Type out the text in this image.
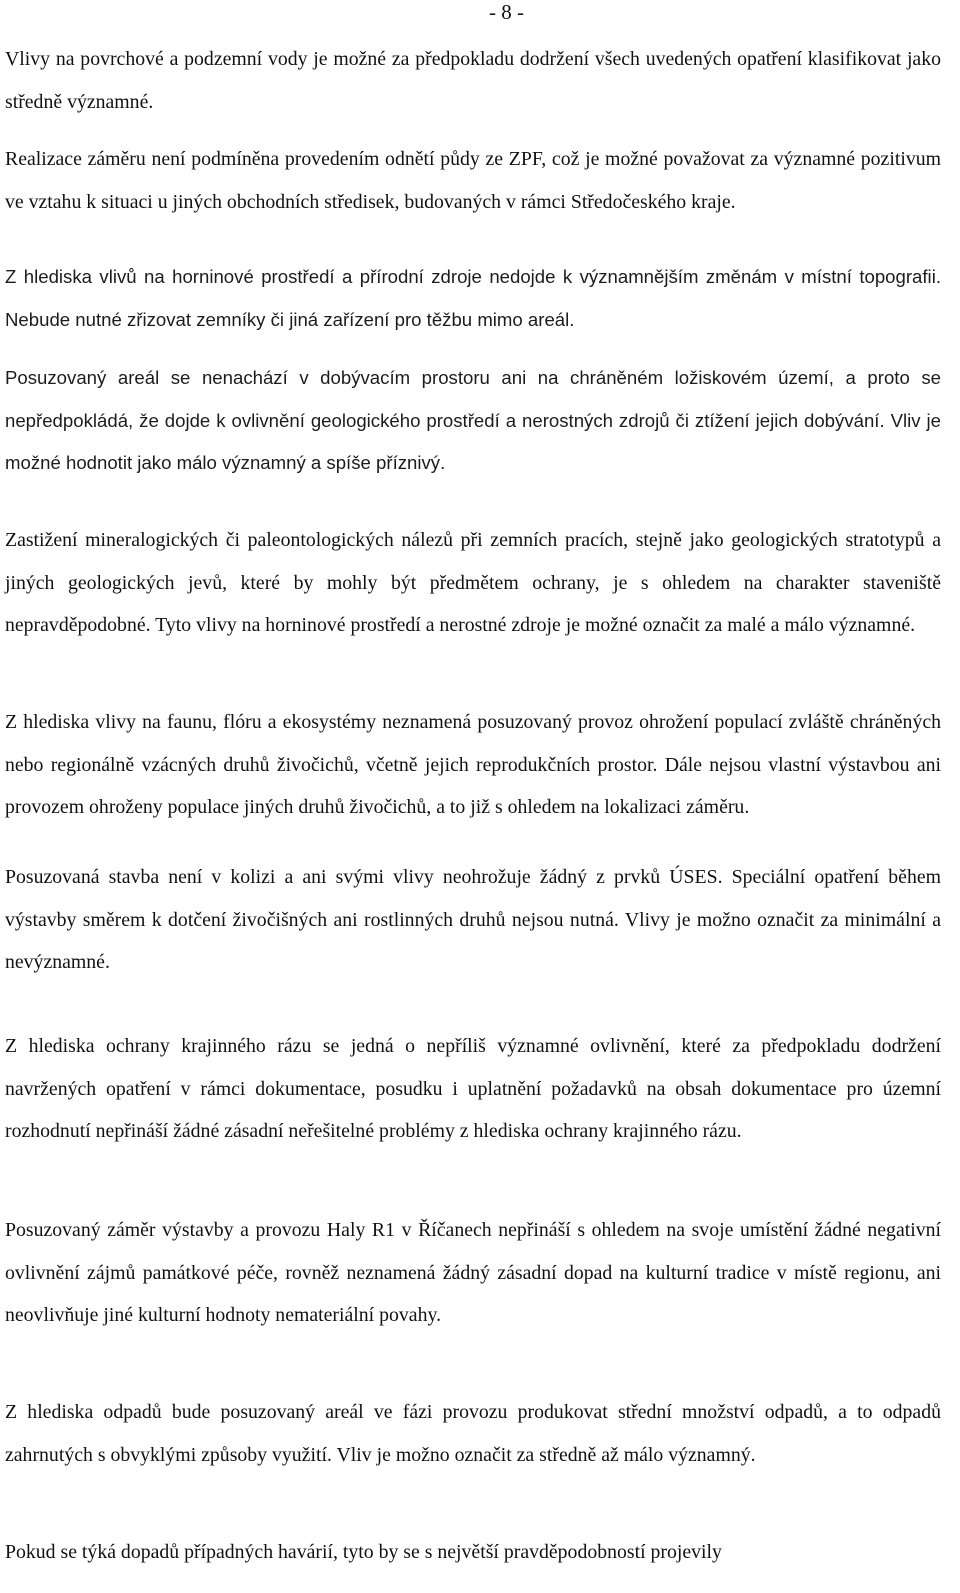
- 8 -

Vlivy na povrchové a podzemní vody je možné za předpokladu dodržení všech uvedených opatření klasifikovat jako středně významné.

Realizace záměru není podmíněna provedením odnětí půdy ze ZPF, což je možné považovat za významné pozitivum ve vztahu k situaci u jiných obchodních středisek, budovaných v rámci Středočeského kraje.

Z hlediska vlivů na horninové prostředí a přírodní zdroje nedojde k významnějším změnám v místní topografii. Nebude nutné zřizovat zemníky či jiná zařízení pro těžbu mimo areál.

Posuzovaný areál se nenachází v dobývacím prostoru ani na chráněném ložiskovém území, a proto se nepředpokládá, že dojde k ovlivnění geologického prostředí a nerostných zdrojů či ztížení jejich dobývání. Vliv je možné hodnotit jako málo významný a spíše příznivý.

Zastižení mineralogických či paleontologických nálezů při zemních pracích, stejně jako geologických stratotypů a jiných geologických jevů, které by mohly být předmětem ochrany, je s ohledem na charakter staveniště nepravděpodobné. Tyto vlivy na horninové prostředí a nerostné zdroje je možné označit za malé a málo významné.

Z hlediska vlivy na faunu, flóru a ekosystémy neznamená posuzovaný provoz ohrožení populací zvláště chráněných nebo regionálně vzácných druhů živočichů, včetně jejich reprodukčních prostor. Dále nejsou vlastní výstavbou ani provozem ohroženy populace jiných druhů živočichů, a to již s ohledem na lokalizaci záměru.

Posuzovaná stavba není v kolizi a ani svými vlivy neohrožuje žádný z prvků ÚSES. Speciální opatření během výstavby směrem k dotčení živočišných ani rostlinných druhů nejsou nutná. Vlivy je možno označit za minimální a nevýznamné.

Z hlediska ochrany krajinného rázu se jedná o nepříliš významné ovlivnění, které za předpokladu dodržení navržených opatření v rámci dokumentace, posudku i uplatnění požadavků na obsah dokumentace pro územní rozhodnutí nepřináší žádné zásadní neřešitelné problémy z hlediska ochrany krajinného rázu.

Posuzovaný záměr výstavby a provozu Haly R1 v Říčanech nepřináší s ohledem na svoje umístění žádné negativní ovlivnění zájmů památkové péče, rovněž neznamená žádný zásadní dopad na kulturní tradice v místě regionu, ani neovlivňuje jiné kulturní hodnoty nemateriální povahy.

Z hlediska odpadů bude posuzovaný areál ve fázi provozu produkovat střední množství odpadů, a to odpadů zahrnutých s obvyklými způsoby využití. Vliv je možno označit za středně až málo významný.

Pokud se týká dopadů případných havárií, tyto by se s největší pravděpodobností projevily
